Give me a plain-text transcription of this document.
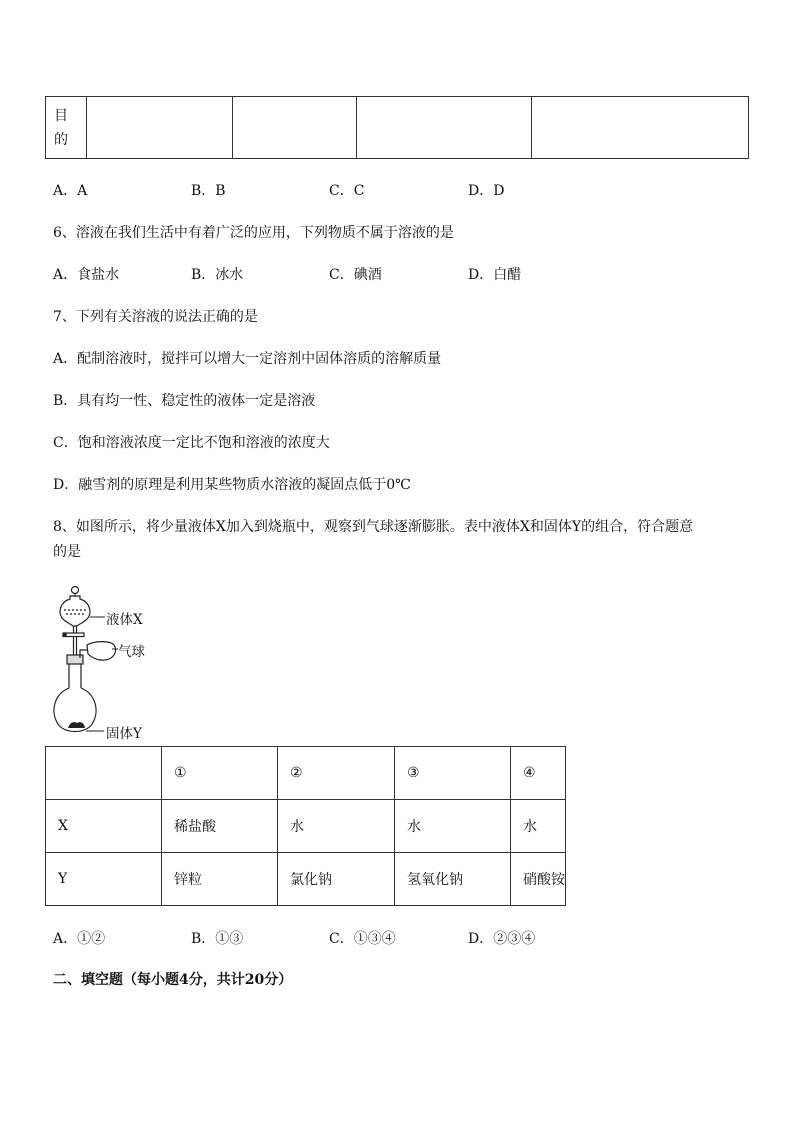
目
的

A．A	B．B	C．C	D．D
6、溶液在我们生活中有着广泛的应用，下列物质不属于溶液的是
A．食盐水	B．冰水	C．碘酒	D．白醋
7、下列有关溶液的说法正确的是
A．配制溶液时，搅拌可以增大一定溶剂中固体溶质的溶解质量
B．具有均一性、稳定性的液体一定是溶液
C．饱和溶液浓度一定比不饱和溶液的浓度大
D．融雪剂的原理是利用某些物质水溶液的凝固点低于0℃
8、如图所示，将少量液体X加入到烧瓶中，观察到气球逐渐膨胀。表中液体X和固体Y的组合，符合题意
的是
液体X
气球
固体Y
	①	②	③	④
X	稀盐酸	水	水	水
Y	锌粒	氯化钠	氢氧化钠	硝酸铵
A．①②	B．①③	C．①③④	D．②③④
二、填空题（每小题4分，共计20分）
